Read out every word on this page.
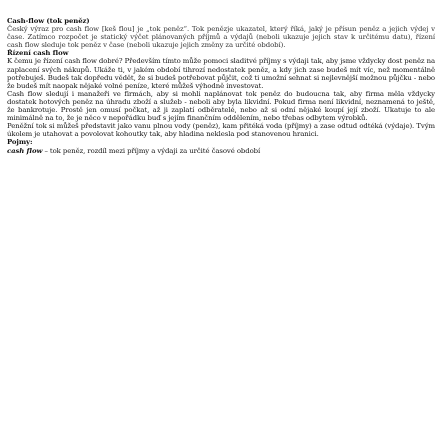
Cash-flow (tok peněz)

Český výraz pro cash flow [keš flou] je „tok peněz“. Tok penězje ukazatel, který říká, jaký je přísun peněz a jejich výdej v čase. Zatímco rozpočet je statický výčet plánovaných příjmů a výdajů (neboli ukazuje jejich stav k určitému datu), řízení cash flow sleduje tok peněz v čase (neboli ukazuje jejich změny za určité období).

Řízení cash flow

K čemu je řízení cash flow dobré? Především tímto může pomoci sladitvé příjmy s výdaji tak, aby jsme vždycky dost peněz na zaplacení svých nákupů. Ukáže ti, v jakém období tihrozí nedostatek peněz, a kdy jich zase budeš mít víc, než momentálně potřebuješ. Budeš tak dopředu vědět, že si budeš potřebovat půjčit, což ti umožní sehnat si nejlevnější možnou půjčku - nebo že budeš mít naopak nějaké volné peníze, které můžeš výhodně investovat.

Cash flow sledují i manažeři ve firmách, aby si mohli naplánovat tok peněz do budoucna tak, aby firma měla vždycky dostatek hotových peněz na úhradu zboží a služeb - neboli aby byla likvidní. Pokud firma není likvidní, neznamená to ještě, že bankrotuje. Prostě jen omusí počkat, až ji zaplatí odběratelé, nebo až si odní nějaké koupí její zboží. Ukatuje to ale minimálně na to, že je něco v nepořádku buď s jejím finančním oddělením, nebo třebas odbytem výrobků.

Peněžní tok si můžeš představit jako vanu plnou vody (peněz), kam přitéká voda (příjmy) a zase odtud odtéká (výdaje). Tvým úkolem je utahovat a povolovat kohoutky tak, aby hladina neklesla pod stanovenou hranici.

Pojmy:

cash flow – tok peněz, rozdíl mezi příjmy a výdaji za určité časové období
